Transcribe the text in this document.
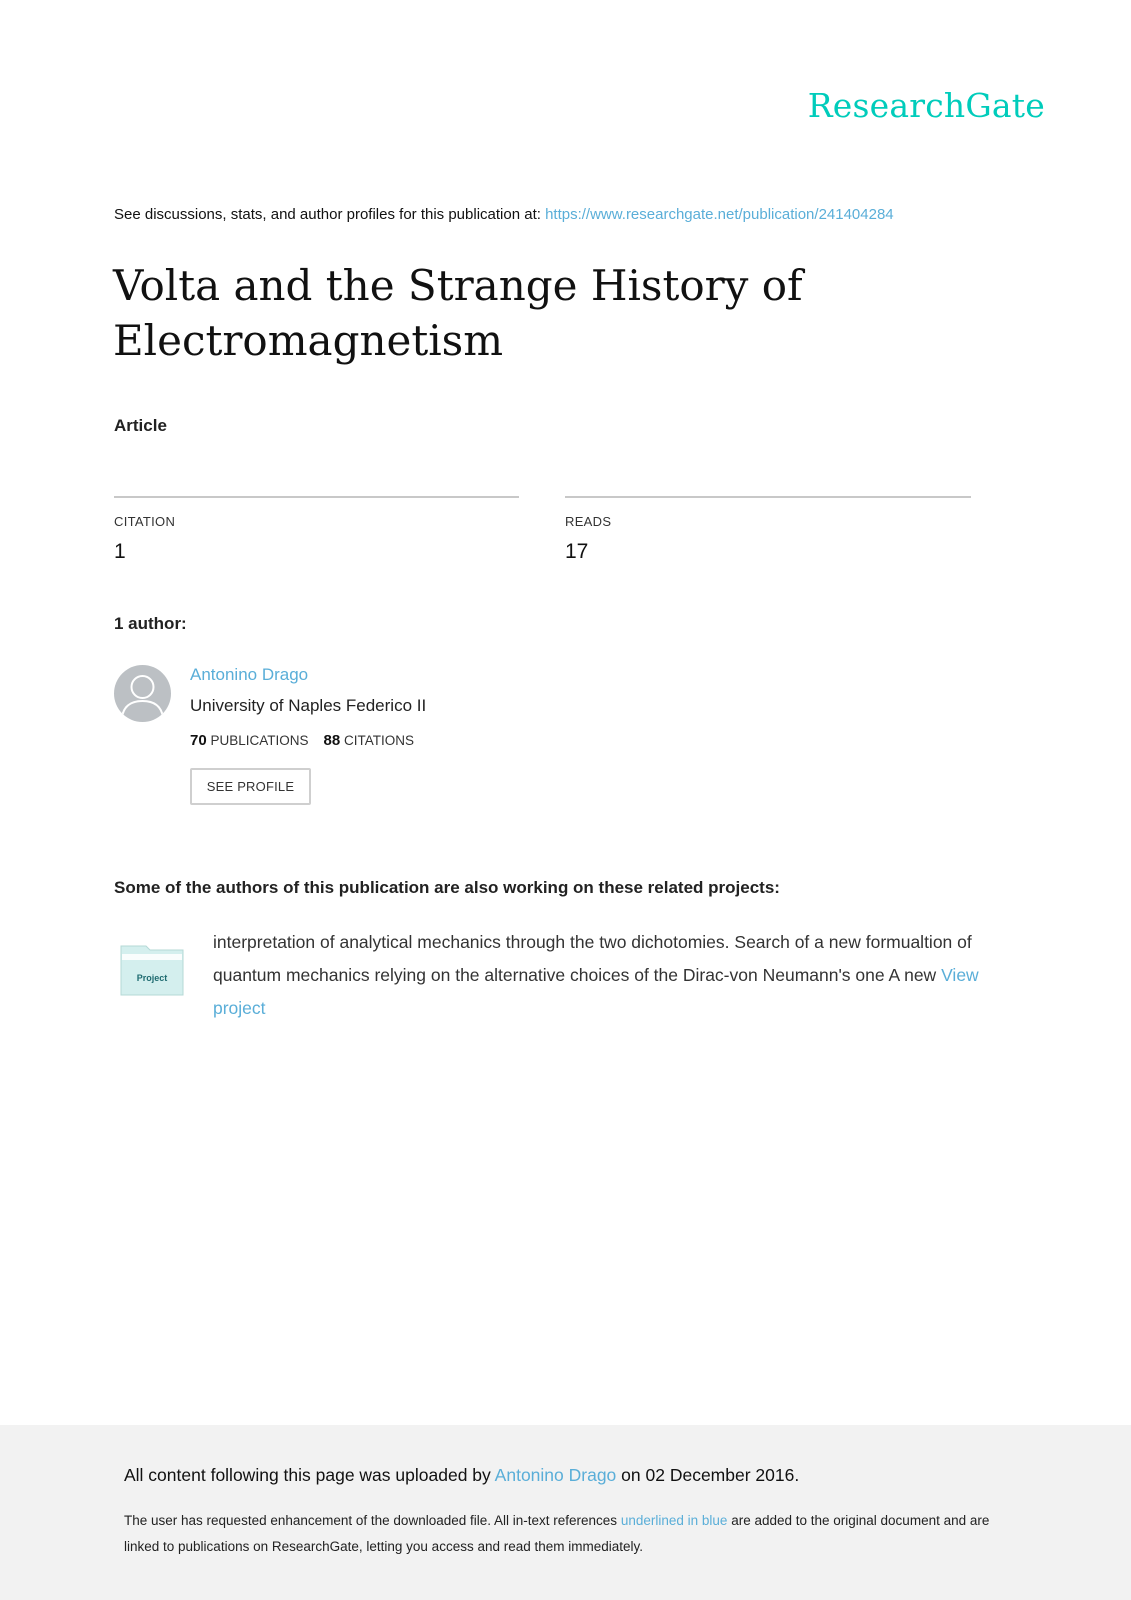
ResearchGate
See discussions, stats, and author profiles for this publication at: https://www.researchgate.net/publication/241404284
Volta and the Strange History of Electromagnetism
Article
CITATION
1
READS
17
1 author:
Antonino Drago
University of Naples Federico II
70 PUBLICATIONS 88 CITATIONS
SEE PROFILE
Some of the authors of this publication are also working on these related projects:
Project
interpretation of analytical mechanics through the two dichotomies. Search of a new formualtion of quantum mechanics relying on the alternative choices of the Dirac-von Neumann's one A new View project
All content following this page was uploaded by Antonino Drago on 02 December 2016.
The user has requested enhancement of the downloaded file. All in-text references underlined in blue are added to the original document and are linked to publications on ResearchGate, letting you access and read them immediately.
